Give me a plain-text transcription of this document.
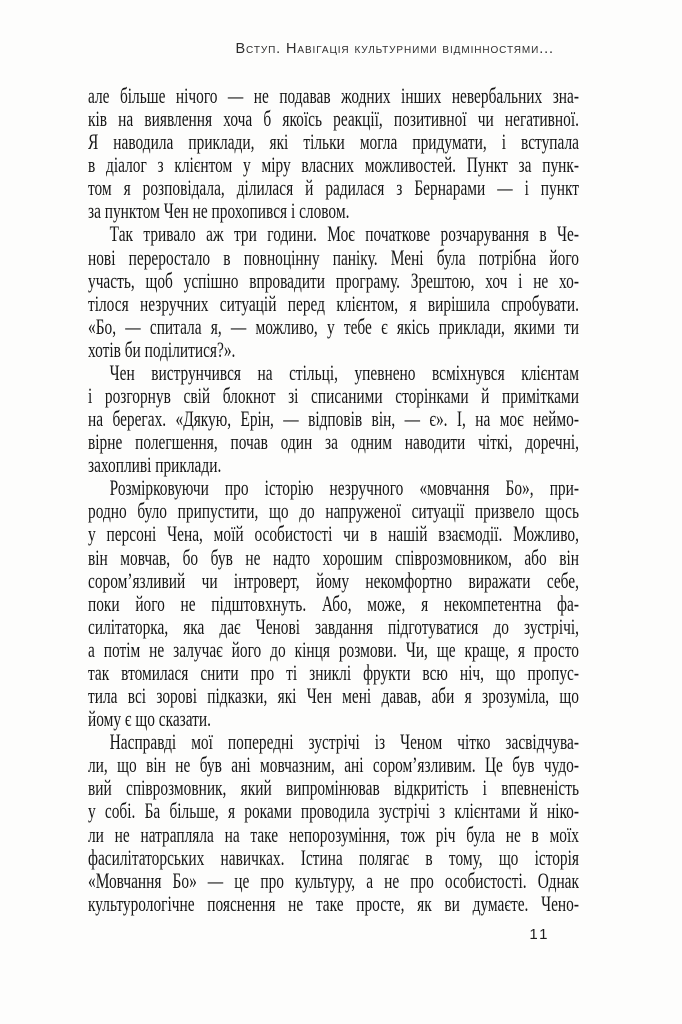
Вступ. Навігація культурними відмінностями...
але більше нічого — не подавав жодних інших невербальних зна-
ків на виявлення хоча б якоїсь реакції, позитивної чи негативної.
Я наводила приклади, які тільки могла придумати, і вступала
в діалог з клієнтом у міру власних можливостей. Пункт за пунк-
том я розповідала, ділилася й радилася з Бернарами — і пункт
за пунктом Чен не прохопився і словом.
Так тривало аж три години. Моє початкове розчарування в Че-
нові переростало в повноцінну паніку. Мені була потрібна його
участь, щоб успішно впровадити програму. Зрештою, хоч і не хо-
тілося незручних ситуацій перед клієнтом, я вирішила спробувати.
«Бо, — спитала я, — можливо, у тебе є якісь приклади, якими ти
хотів би поділитися?».
Чен виструнчився на стільці, упевнено всміхнувся клієнтам
і розгорнув свій блокнот зі списаними сторінками й примітками
на берегах. «Дякую, Ерін, — відповів він, — є». І, на моє неймо-
вірне полегшення, почав один за одним наводити чіткі, доречні,
захопливі приклади.
Розмірковуючи про історію незручного «мовчання Бо», при-
родно було припустити, що до напруженої ситуації призвело щось
у персоні Чена, моїй особистості чи в нашій взаємодії. Можливо,
він мовчав, бо був не надто хорошим співрозмовником, або він
сором’язливий чи інтроверт, йому некомфортно виражати себе,
поки його не підштовхнуть. Або, може, я некомпетентна фа-
силітаторка, яка дає Ченові завдання підготуватися до зустрічі,
а потім не залучає його до кінця розмови. Чи, ще краще, я просто
так втомилася снити про ті зниклі фрукти всю ніч, що пропус-
тила всі зорові підказки, які Чен мені давав, аби я зрозуміла, що
йому є що сказати.
Насправді мої попередні зустрічі із Ченом чітко засвідчува-
ли, що він не був ані мовчазним, ані сором’язливим. Це був чудо-
вий співрозмовник, який випромінював відкритість і впевненість
у собі. Ба більше, я роками проводила зустрічі з клієнтами й ніко-
ли не натрапляла на таке непорозуміння, тож річ була не в моїх
фасилітаторських навичках. Істина полягає в тому, що історія
«Мовчання Бо» — це про культуру, а не про особистості. Однак
культурологічне пояснення не таке просте, як ви думаєте. Чено-
11
